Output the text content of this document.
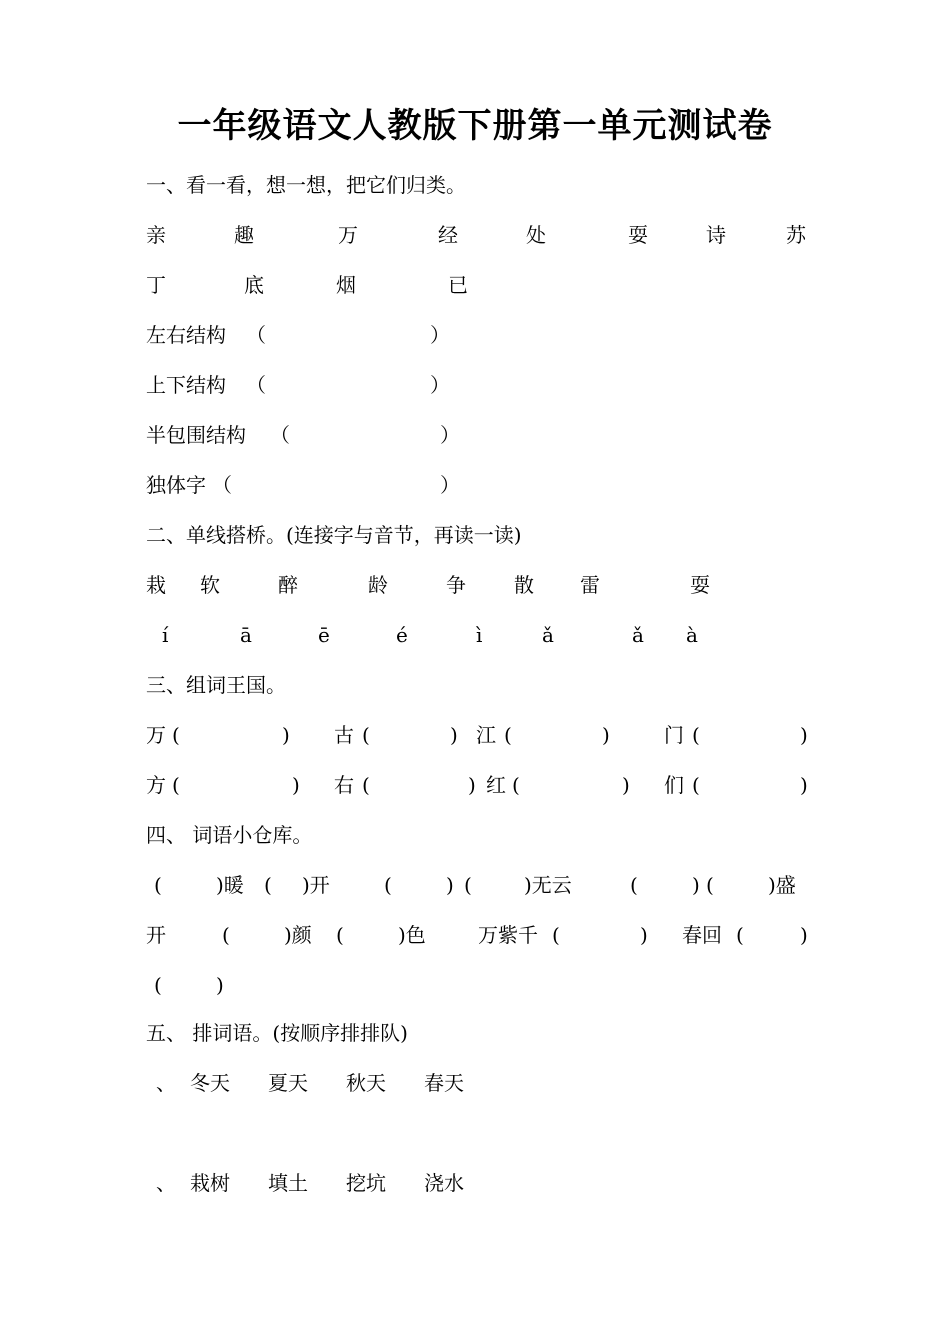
一年级语文人教版下册第一单元测试卷
一、看一看，想一想，把它们归类。
亲	趣	万	经	处	耍	诗	苏
丁	底	烟	已
左右结构 （	）
上下结构 （	）
半包围结构 （	）
独体字 （	）
二、单线搭桥。(连接字与音节，再读一读)
栽 软	醉	龄	争 散 雷	耍
í	ā	ē	é	ì	ǎ	ǎ à
三、组词王国。
万 (	) 古 (	) 江 (	)	门 (	)
方 (	) 右 (	) 红 (	) 们 (	)
四、 词语小仓库。
(	)暖 ( )开	(	) (	)无云	(	) (	)盛
开	(	)颜 (	)色	万紫千 (	) 春回 (	)
(	)
五、 排词语。(按顺序排排队)
、 冬天 夏天 秋天 春天
、 栽树 填土 挖坑 浇水
